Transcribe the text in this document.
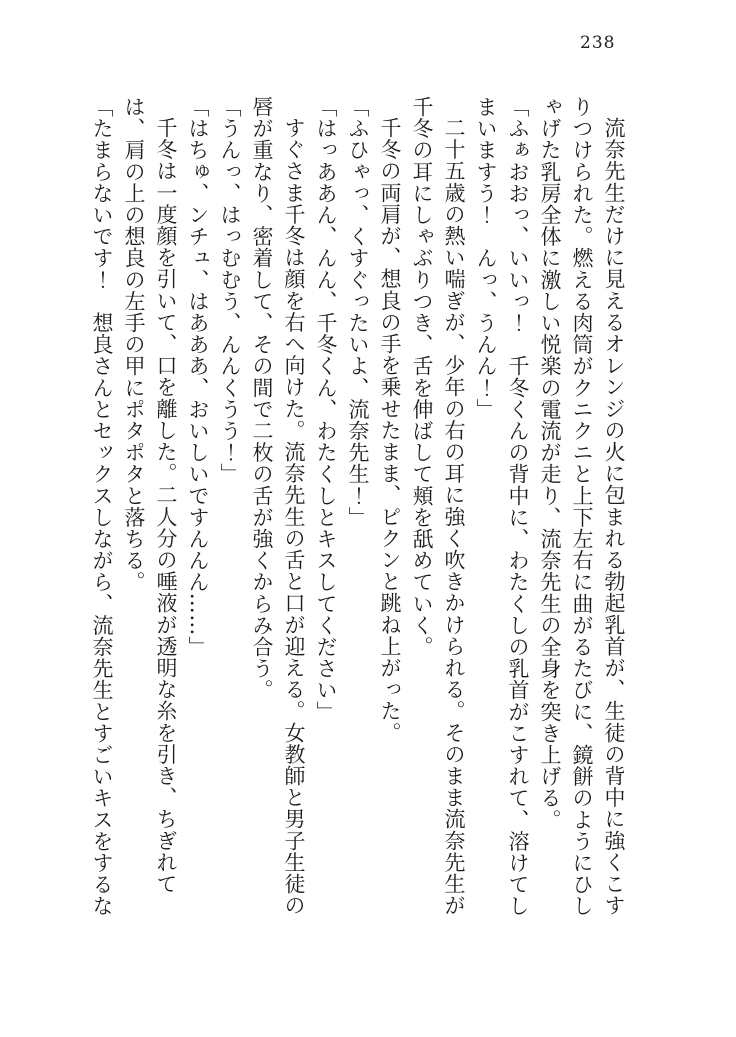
238

流奈先生だけに見えるオレンジの火に包まれる勃起乳首が、生徒の背中に強くこすりつけられた。燃える肉筒がクニクニと上下左右に曲がるたびに、鏡餅のようにひしゃげた乳房全体に激しい悦楽の電流が走り、流奈先生の全身を突き上げる。

「ふぁおおっ、いいっ！　千冬くんの背中に、わたくしの乳首がこすれて、溶けてしまいますう！　んっ、うんん！」

二十五歳の熱い喘ぎが、少年の右の耳に強く吹きかけられる。そのまま流奈先生が千冬の耳にしゃぶりつき、舌を伸ばして頬を舐めていく。

千冬の両肩が、想良の手を乗せたまま、ピクンと跳ね上がった。

「ふひゃっ、くすぐったいよ、流奈先生！」

「はっああん、んん、千冬くん、わたくしとキスしてください」

すぐさま千冬は顔を右へ向けた。流奈先生の舌と口が迎える。女教師と男子生徒の唇が重なり、密着して、その間で二枚の舌が強くからみ合う。

「うんっ、はっむむう、んんくうう！」

「はちゅ、ンチュ、はあああ、おいしいですんんん……」

千冬は一度顔を引いて、口を離した。二人分の唾液が透明な糸を引き、ちぎれては、肩の上の想良の左手の甲にポタポタと落ちる。

「たまらないです！　想良さんとセックスしながら、流奈先生とすごいキスをするな
